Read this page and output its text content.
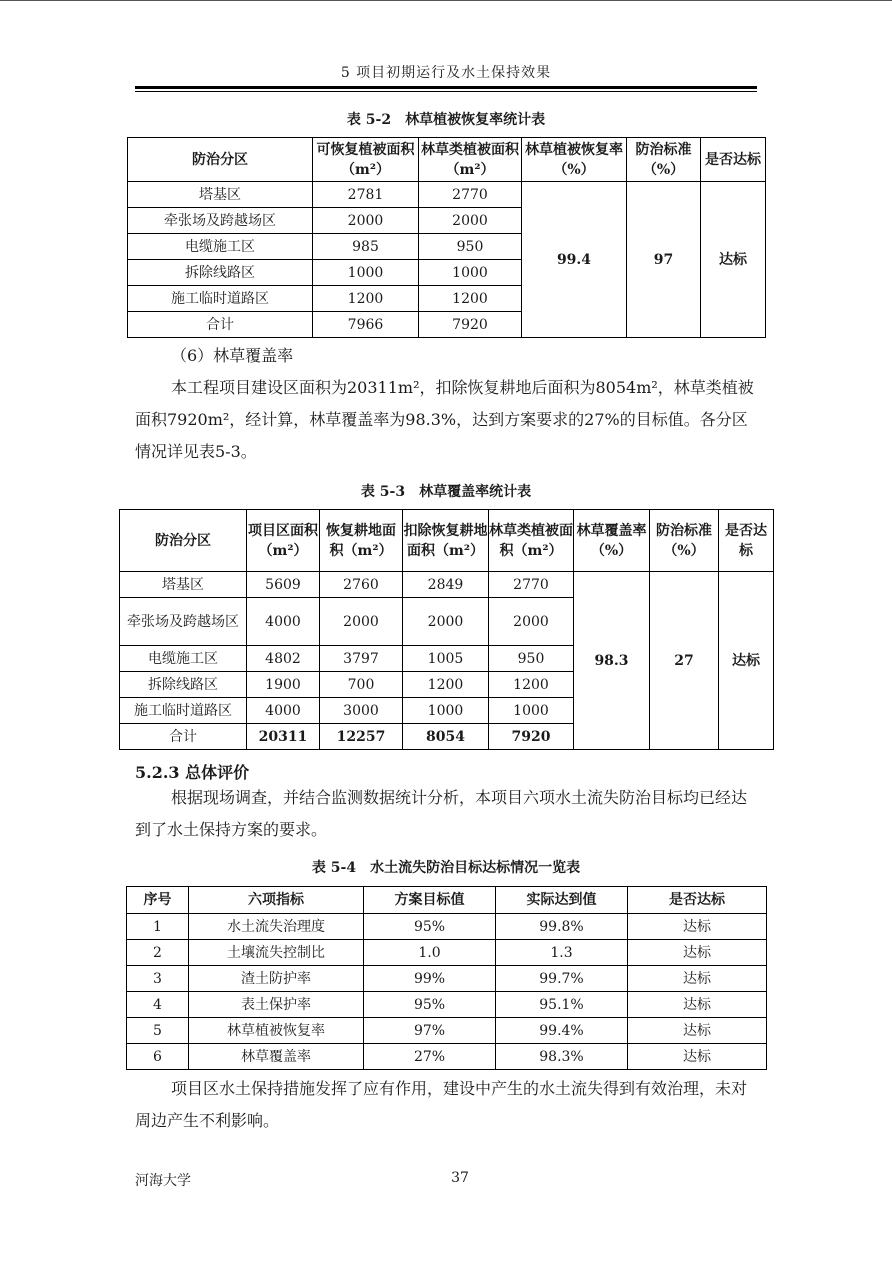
5 项目初期运行及水土保持效果
表 5-2　林草植被恢复率统计表
防治分区	可恢复植被面积（m²）	林草类植被面积（m²）	林草植被恢复率（%）	防治标准（%）	是否达标
塔基区	2781	2770	99.4	97	达标
牵张场及跨越场区	2000	2000			
电缆施工区	985	950			
拆除线路区	1000	1000			
施工临时道路区	1200	1200			
合计	7966	7920			
（6）林草覆盖率
本工程项目建设区面积为20311m²，扣除恢复耕地后面积为8054m²，林草类植被面积7920m²，经计算，林草覆盖率为98.3%，达到方案要求的27%的目标值。各分区情况详见表5-3。
表 5-3　林草覆盖率统计表
防治分区	项目区面积（m²）	恢复耕地面积（m²）	扣除恢复耕地面积（m²）	林草类植被面积（m²）	林草覆盖率（%）	防治标准（%）	是否达标
塔基区	5609	2760	2849	2770	98.3	27	达标
牵张场及跨越场区	4000	2000	2000	2000			
电缆施工区	4802	3797	1005	950			
拆除线路区	1900	700	1200	1200			
施工临时道路区	4000	3000	1000	1000			
合计	20311	12257	8054	7920			
5.2.3 总体评价
根据现场调查，并结合监测数据统计分析，本项目六项水土流失防治目标均已经达到了水土保持方案的要求。
表 5-4　水土流失防治目标达标情况一览表
序号	六项指标	方案目标值	实际达到值	是否达标
1	水土流失治理度	95%	99.8%	达标
2	土壤流失控制比	1.0	1.3	达标
3	渣土防护率	99%	99.7%	达标
4	表土保护率	95%	95.1%	达标
5	林草植被恢复率	97%	99.4%	达标
6	林草覆盖率	27%	98.3%	达标
项目区水土保持措施发挥了应有作用，建设中产生的水土流失得到有效治理，未对周边产生不利影响。
河海大学	37
